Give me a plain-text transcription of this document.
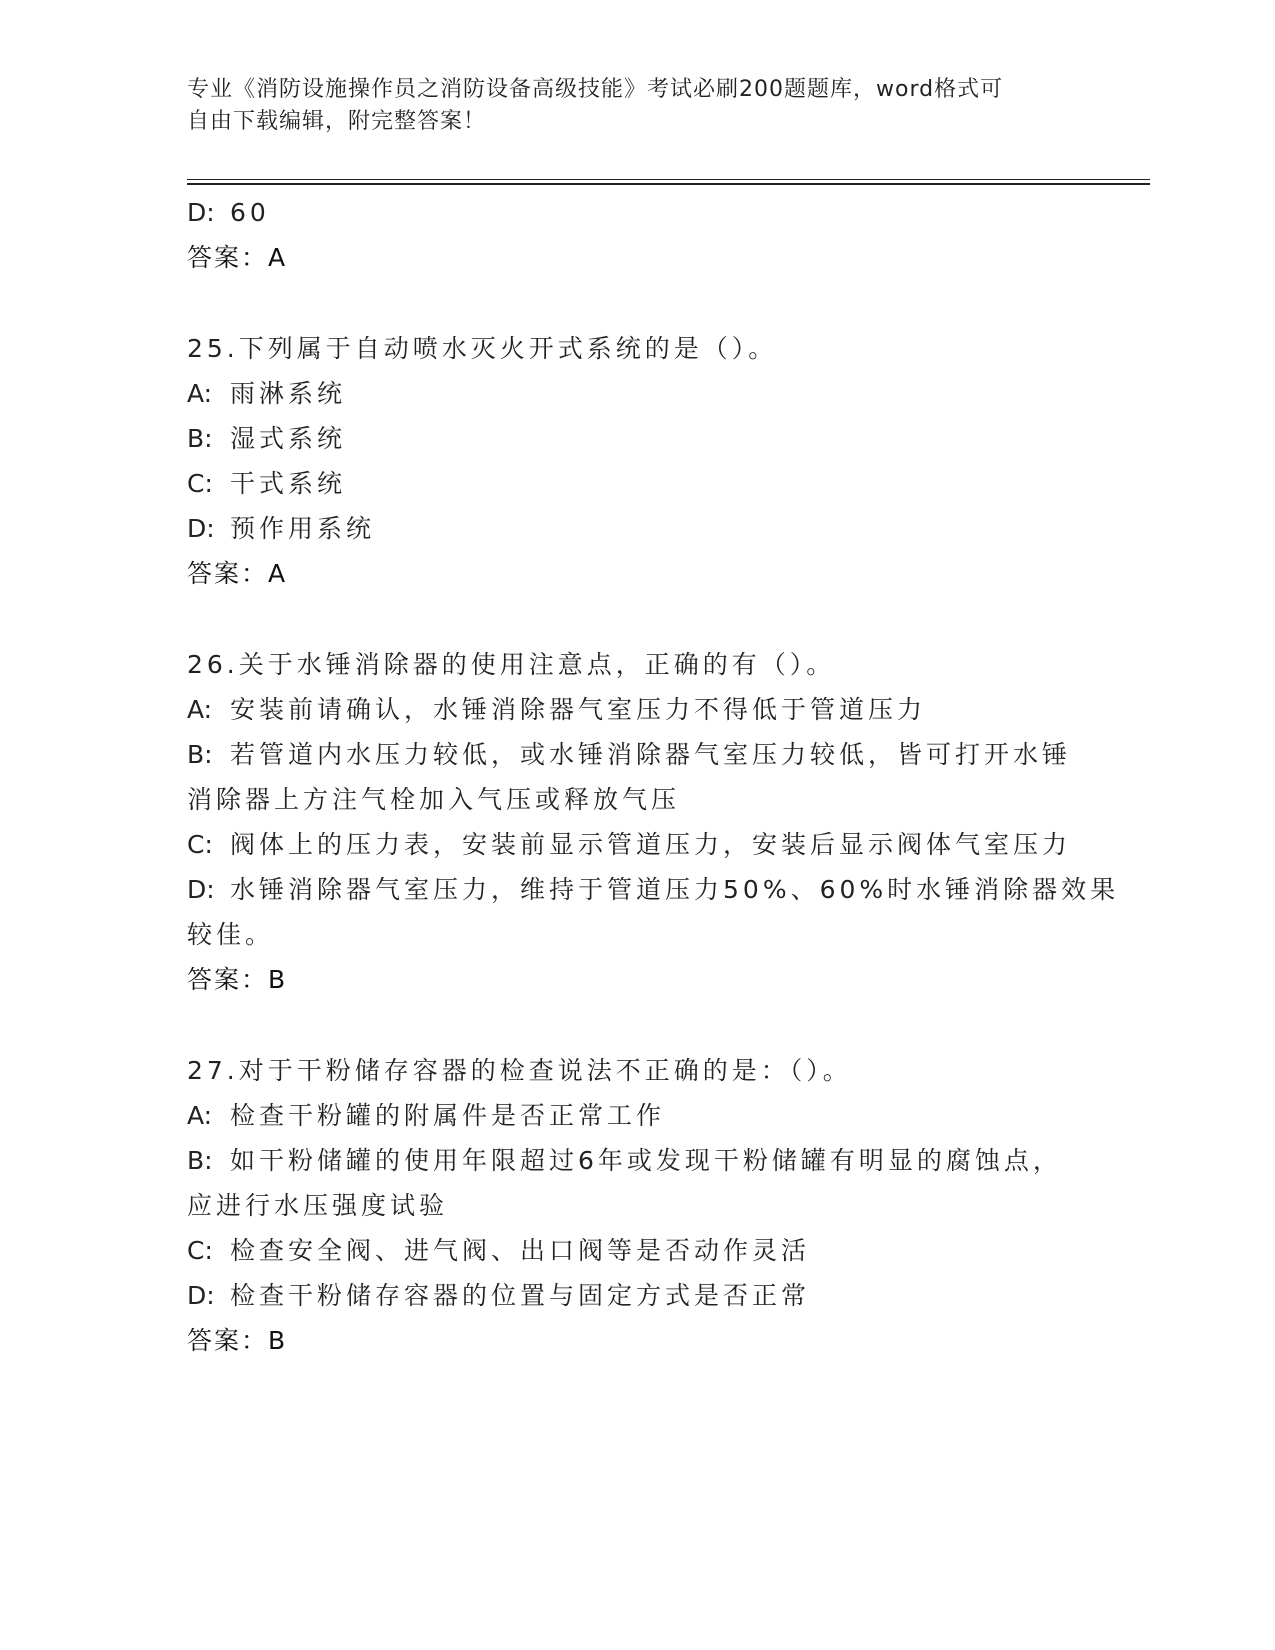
专业《消防设施操作员之消防设备高级技能》考试必刷200题题库，word格式可
自由下载编辑，附完整答案！
D: 60
答案：A
25.下列属于自动喷水灭火开式系统的是（）。
A: 雨淋系统
B: 湿式系统
C: 干式系统
D: 预作用系统
答案：A
26.关于水锤消除器的使用注意点，正确的有（）。
A: 安装前请确认，水锤消除器气室压力不得低于管道压力
B: 若管道内水压力较低，或水锤消除器气室压力较低，皆可打开水锤
消除器上方注气栓加入气压或释放气压
C: 阀体上的压力表，安装前显示管道压力，安装后显示阀体气室压力
D: 水锤消除器气室压力，维持于管道压力50%、60%时水锤消除器效果
较佳。
答案：B
27.对于干粉储存容器的检查说法不正确的是：（）。
A: 检查干粉罐的附属件是否正常工作
B: 如干粉储罐的使用年限超过6年或发现干粉储罐有明显的腐蚀点，
应进行水压强度试验
C: 检查安全阀、进气阀、出口阀等是否动作灵活
D: 检查干粉储存容器的位置与固定方式是否正常
答案：B
